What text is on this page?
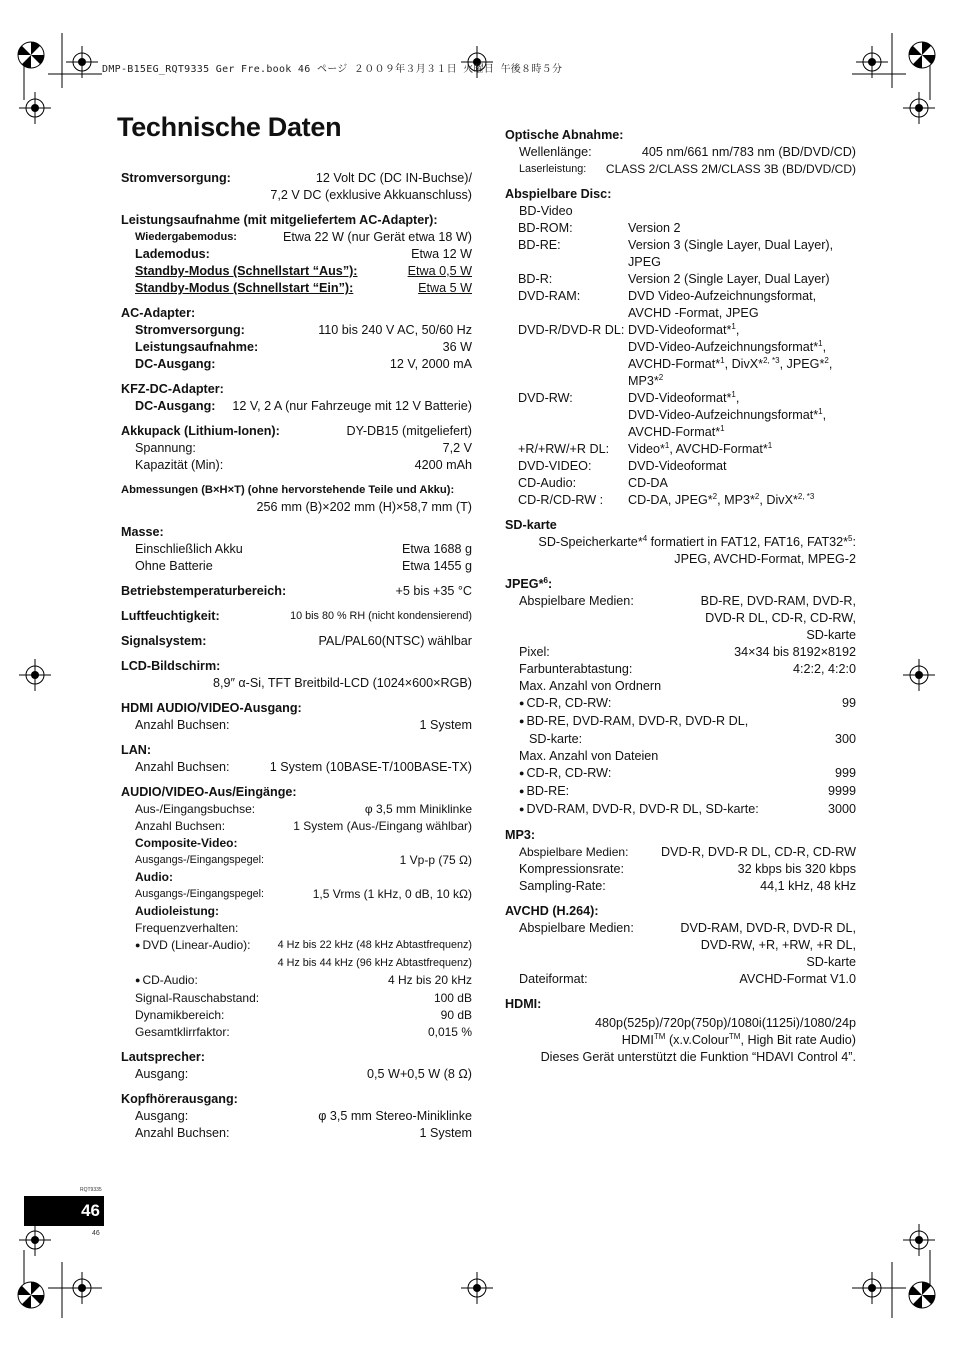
DMP-B15EG_RQT9335 Ger Fre.book 46 ページ ２００９年３月３１日 火曜日 午後８時５分
Technische Daten
Stromversorgung:	12 Volt DC (DC IN-Buchse)/
7,2 V DC (exklusive Akkuanschluss)
Leistungsaufnahme (mit mitgeliefertem AC-Adapter):
Wiedergabemodus:	Etwa 22 W (nur Gerät etwa 18 W)
Lademodus:	Etwa 12 W
Standby-Modus (Schnellstart “Aus”):	Etwa 0,5 W
Standby-Modus (Schnellstart “Ein”):	Etwa 5 W
AC-Adapter:
Stromversorgung:	110 bis 240 V AC, 50/60 Hz
Leistungsaufnahme:	36 W
DC-Ausgang:	12 V, 2000 mA
KFZ-DC-Adapter:
DC-Ausgang:	12 V, 2 A (nur Fahrzeuge mit 12 V Batterie)
Akkupack (Lithium-Ionen):	DY-DB15 (mitgeliefert)
Spannung:	7,2 V
Kapazität (Min):	4200 mAh
Abmessungen (B×H×T) (ohne hervorstehende Teile und Akku):
256 mm (B)×202 mm (H)×58,7 mm (T)
Masse:
Einschließlich Akku	Etwa 1688 g
Ohne Batterie	Etwa 1455 g
Betriebstemperaturbereich:	+5 bis +35 °C
Luftfeuchtigkeit:	10 bis 80 % RH (nicht kondensierend)
Signalsystem:	PAL/PAL60(NTSC) wählbar
LCD-Bildschirm:
8,9″ α-Si, TFT Breitbild-LCD (1024×600×RGB)
HDMI AUDIO/VIDEO-Ausgang:
Anzahl Buchsen:	1 System
LAN:
Anzahl Buchsen:	1 System (10BASE-T/100BASE-TX)
AUDIO/VIDEO-Aus/Eingänge:
Aus-/Eingangsbuchse:	φ 3,5 mm Miniklinke
Anzahl Buchsen:	1 System (Aus-/Eingang wählbar)
Composite-Video:
Ausgangs-/Eingangspegel:	1 Vp-p (75 Ω)
Audio:
Ausgangs-/Eingangspegel:	1,5 Vrms (1 kHz, 0 dB, 10 kΩ)
Audioleistung:
Frequenzverhalten:
● DVD (Linear-Audio):	4 Hz bis 22 kHz (48 kHz Abtastfrequenz)
4 Hz bis 44 kHz (96 kHz Abtastfrequenz)
● CD-Audio:	4 Hz bis 20 kHz
Signal-Rauschabstand:	100 dB
Dynamikbereich:	90 dB
Gesamtklirrfaktor:	0,015 %
Lautsprecher:
Ausgang:	0,5 W+0,5 W (8 Ω)
Kopfhörerausgang:
Ausgang:	φ 3,5 mm Stereo-Miniklinke
Anzahl Buchsen:	1 System
Optische Abnahme:
Wellenlänge:	405 nm/661 nm/783 nm (BD/DVD/CD)
Laserleistung:	CLASS 2/CLASS 2M/CLASS 3B (BD/DVD/CD)
Abspielbare Disc:
BD-Video
BD-ROM:	Version 2
BD-RE:	Version 3 (Single Layer, Dual Layer),
JPEG
BD-R:	Version 2 (Single Layer, Dual Layer)
DVD-RAM:	DVD Video-Aufzeichnungsformat,
AVCHD -Format, JPEG
DVD-R/DVD-R DL: DVD-Videoformat*$^1$,
DVD-Video-Aufzeichnungsformat*$^1$,
AVCHD-Format*$^1$, DivX*$^{2, *3}$, JPEG*$^2$,
MP3*$^2$
DVD-RW:	DVD-Videoformat*$^1$,
DVD-Video-Aufzeichnungsformat*$^1$,
AVCHD-Format*$^1$
+R/+RW/+R DL:	Video*$^1$, AVCHD-Format*$^1$
DVD-VIDEO:	DVD-Videoformat
CD-Audio:	CD-DA
CD-R/CD-RW :	CD-DA, JPEG*$^2$, MP3*$^2$, DivX*$^{2, *3}$
SD-karte
SD-Speicherkarte*$^4$ formatiert in FAT12, FAT16, FAT32*$^5$:
JPEG, AVCHD-Format, MPEG-2
JPEG*$^6$:
Abspielbare Medien:	BD-RE, DVD-RAM, DVD-R,
DVD-R DL, CD-R, CD-RW,
SD-karte
Pixel:	34×34 bis 8192×8192
Farbunterabtastung:	4:2:2, 4:2:0
Max. Anzahl von Ordnern
● CD-R, CD-RW:	99
● BD-RE, DVD-RAM, DVD-R, DVD-R DL,
SD-karte:	300
Max. Anzahl von Dateien
● CD-R, CD-RW:	999
● BD-RE:	9999
● DVD-RAM, DVD-R, DVD-R DL, SD-karte:	3000
MP3:
Abspielbare Medien:	DVD-R, DVD-R DL, CD-R, CD-RW
Kompressionsrate:	32 kbps bis 320 kbps
Sampling-Rate:	44,1 kHz, 48 kHz
AVCHD (H.264):
Abspielbare Medien:	DVD-RAM, DVD-R, DVD-R DL,
DVD-RW, +R, +RW, +R DL,
SD-karte
Dateiformat:	AVCHD-Format V1.0
HDMI:
480p(525p)/720p(750p)/1080i(1125i)/1080/24p
HDMI™ (x.v.Colour™, High Bit rate Audio)
Dieses Gerät unterstützt die Funktion “HDAVI Control 4”.
RQT9335
46
46
